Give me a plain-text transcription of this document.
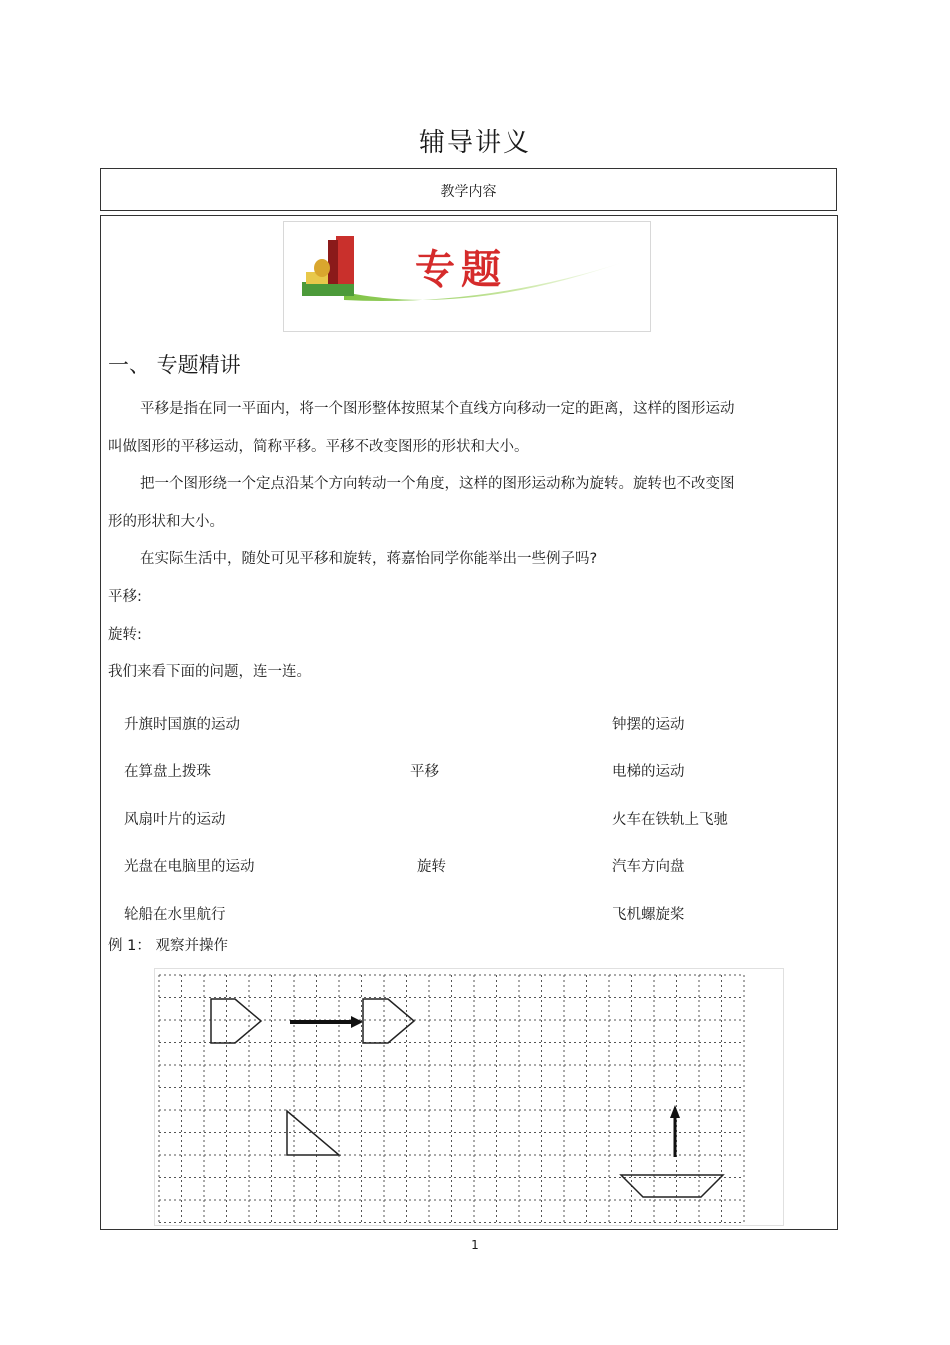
辅导讲义
教学内容
专题
一、 专题精讲
平移是指在同一平面内，将一个图形整体按照某个直线方向移动一定的距离，这样的图形运动
叫做图形的平移运动，简称平移。平移不改变图形的形状和大小。
把一个图形绕一个定点沿某个方向转动一个角度，这样的图形运动称为旋转。旋转也不改变图
形的形状和大小。
在实际生活中，随处可见平移和旋转，蒋嘉怡同学你能举出一些例子吗?
平移:
旋转:
我们来看下面的问题，连一连。
升旗时国旗的运动
在算盘上拨珠
风扇叶片的运动
光盘在电脑里的运动
轮船在水里航行
平移
旋转
钟摆的运动
电梯的运动
火车在铁轨上飞驰
汽车方向盘
飞机螺旋桨
例 1： 观察并操作
1
